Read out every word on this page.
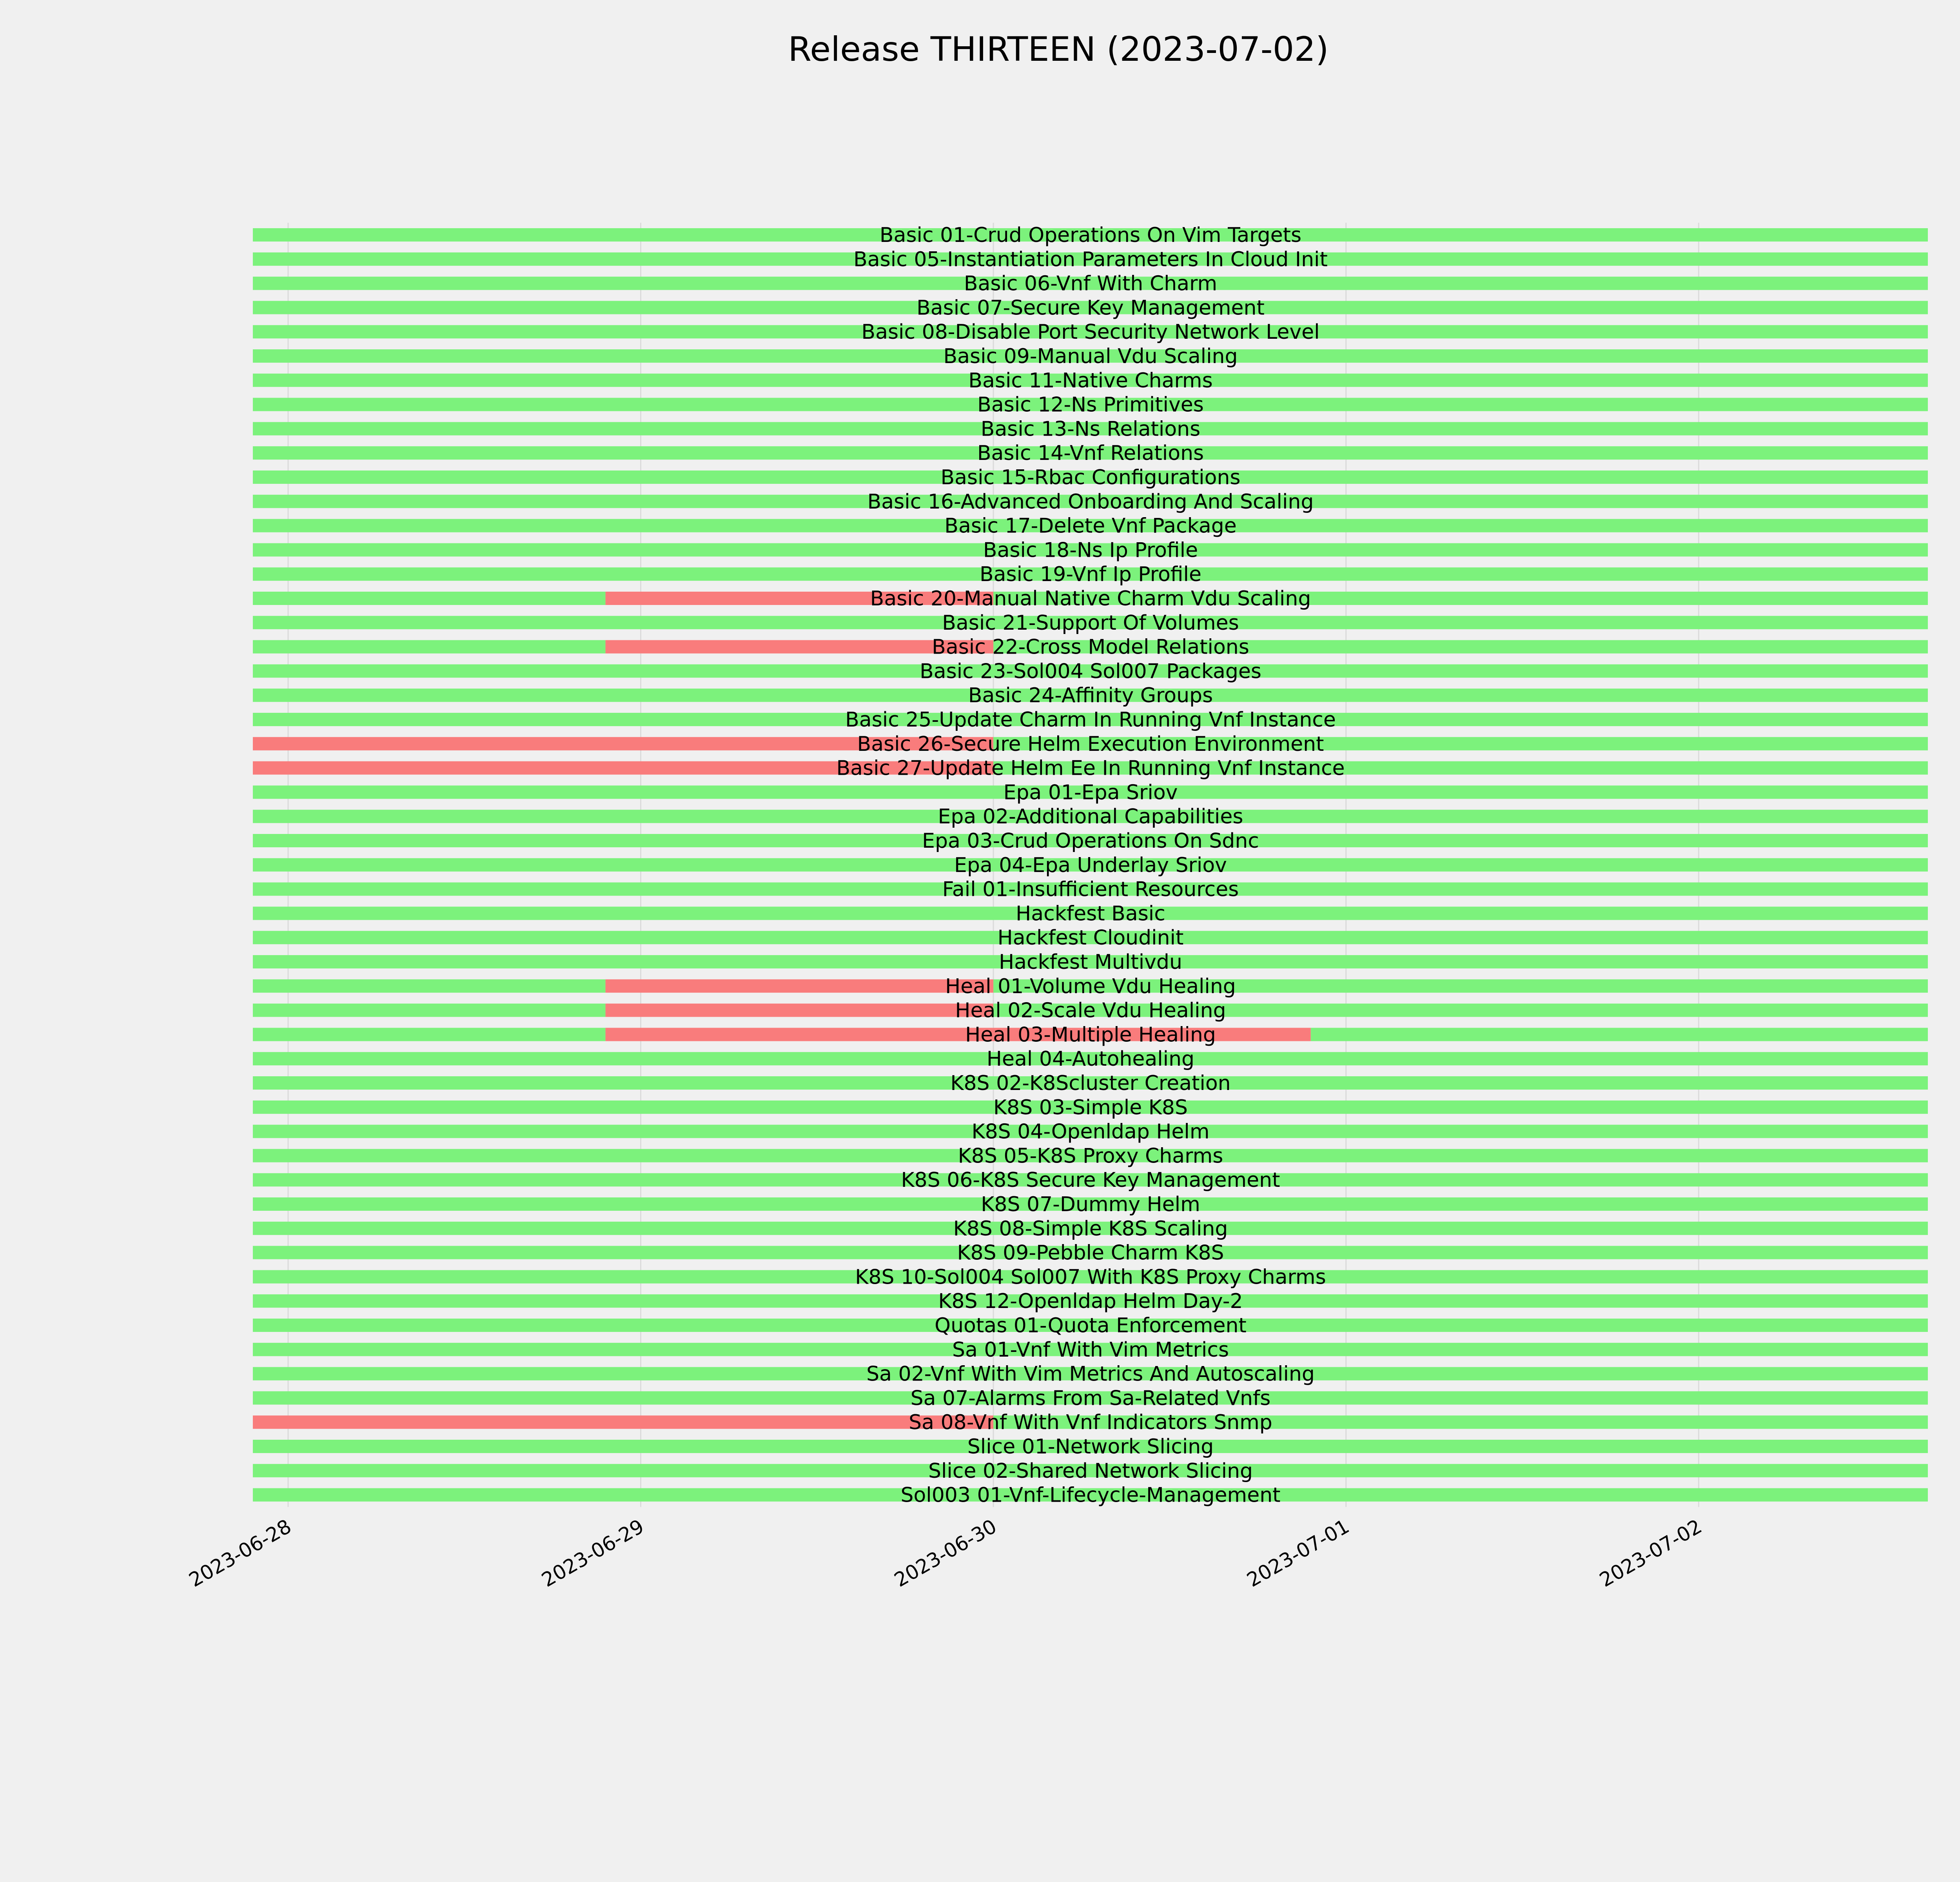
Release THIRTEEN (2023-07-02)
Basic 01-Crud Operations On Vim Targets
Basic 05-Instantiation Parameters In Cloud Init
Basic 06-Vnf With Charm
Basic 07-Secure Key Management
Basic 08-Disable Port Security Network Level
Basic 09-Manual Vdu Scaling
Basic 11-Native Charms
Basic 12-Ns Primitives
Basic 13-Ns Relations
Basic 14-Vnf Relations
Basic 15-Rbac Configurations
Basic 16-Advanced Onboarding And Scaling
Basic 17-Delete Vnf Package
Basic 18-Ns Ip Profile
Basic 19-Vnf Ip Profile
Basic 20-Manual Native Charm Vdu Scaling
Basic 21-Support Of Volumes
Basic 22-Cross Model Relations
Basic 23-Sol004 Sol007 Packages
Basic 24-Affinity Groups
Basic 25-Update Charm In Running Vnf Instance
Basic 26-Secure Helm Execution Environment
Basic 27-Update Helm Ee In Running Vnf Instance
Epa 01-Epa Sriov
Epa 02-Additional Capabilities
Epa 03-Crud Operations On Sdnc
Epa 04-Epa Underlay Sriov
Fail 01-Insufficient Resources
Hackfest Basic
Hackfest Cloudinit
Hackfest Multivdu
Heal 01-Volume Vdu Healing
Heal 02-Scale Vdu Healing
Heal 03-Multiple Healing
Heal 04-Autohealing
K8S 02-K8Scluster Creation
K8S 03-Simple K8S
K8S 04-Openldap Helm
K8S 05-K8S Proxy Charms
K8S 06-K8S Secure Key Management
K8S 07-Dummy Helm
K8S 08-Simple K8S Scaling
K8S 09-Pebble Charm K8S
K8S 10-Sol004 Sol007 With K8S Proxy Charms
K8S 12-Openldap Helm Day-2
Quotas 01-Quota Enforcement
Sa 01-Vnf With Vim Metrics
Sa 02-Vnf With Vim Metrics And Autoscaling
Sa 07-Alarms From Sa-Related Vnfs
Sa 08-Vnf With Vnf Indicators Snmp
Slice 01-Network Slicing
Slice 02-Shared Network Slicing
Sol003 01-Vnf-Lifecycle-Management
2023-06-28	2023-06-29	2023-06-30	2023-07-01	2023-07-02
